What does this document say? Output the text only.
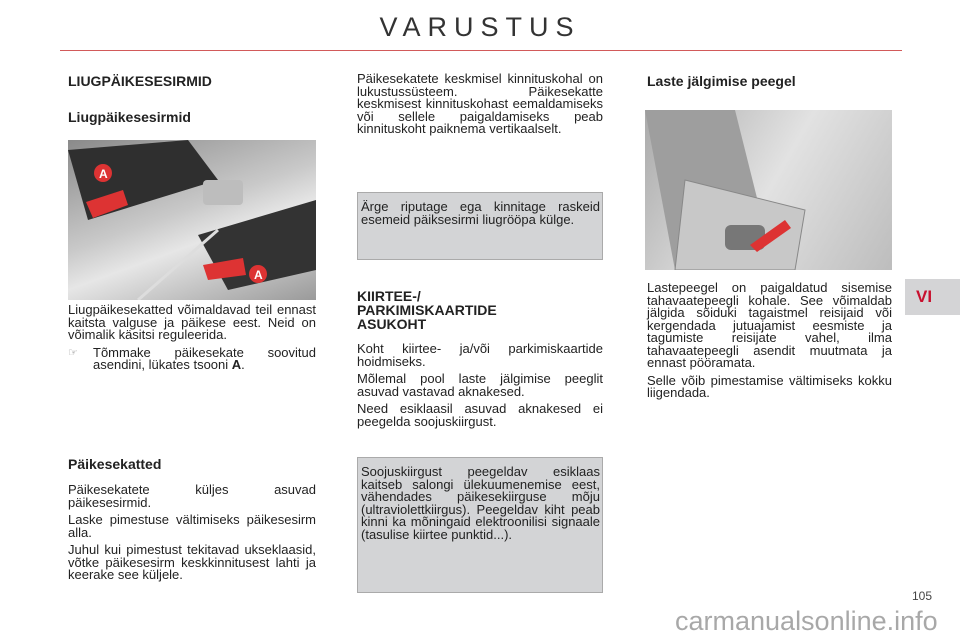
VARUSTUS
LIUGPÄIKESESIRMID
Liugpäikesesirmid
A
A
Liugpäikesekatted võimaldavad teil ennast kaitsta valguse ja päikese eest. Neid on võimalik käsitsi reguleerida.
☞	Tõmmake päikesekate soovitud asendini, lükates tsooni A.
Päikesekatted
Päikesekatete küljes asuvad päikesesirmid.
Laske pimestuse vältimiseks päikesesirm alla.
Juhul kui pimestust tekitavad ukseklaasid, võtke päikesesirm keskkinnitusest lahti ja keerake see küljele.
Päikesekatete keskmisel kinnituskohal on lukustussüsteem. Päikesekatte keskmisest kinnituskohast eemaldamiseks või sellele paigaldamiseks peab kinnituskoht paiknema vertikaalselt.
Ärge riputage ega kinnitage raskeid esemeid päiksesirmi liugrööpa külge.
KIIRTEE-/ PARKIMISKAARTIDE ASUKOHT
Koht kiirtee- ja/või parkimiskaartide hoidmiseks.
Mõlemal pool laste jälgimise peeglit asuvad vastavad aknakesed.
Need esiklaasil asuvad aknakesed ei peegelda soojuskiirgust.
Soojuskiirgust peegeldav esiklaas kaitseb salongi ülekuumenemise eest, vähendades päikesekiirguse mõju (ultraviolettkiirgus). Peegeldav kiht peab kinni ka mõningaid elektroonilisi signaale (tasulise kiirtee punktid...).
Laste jälgimise peegel
Lastepeegel on paigaldatud sisemise tahavaatepeegli kohale. See võimaldab jälgida sõiduki tagaistmel reisijaid või kergendada jutuajamist eesmiste ja tagumiste reisijate vahel, ilma tahavaatepeegli asendit muutmata ja ennast pööramata.
Selle võib pimestamise vältimiseks kokku liigendada.
VI
105
carmanualsonline.info
